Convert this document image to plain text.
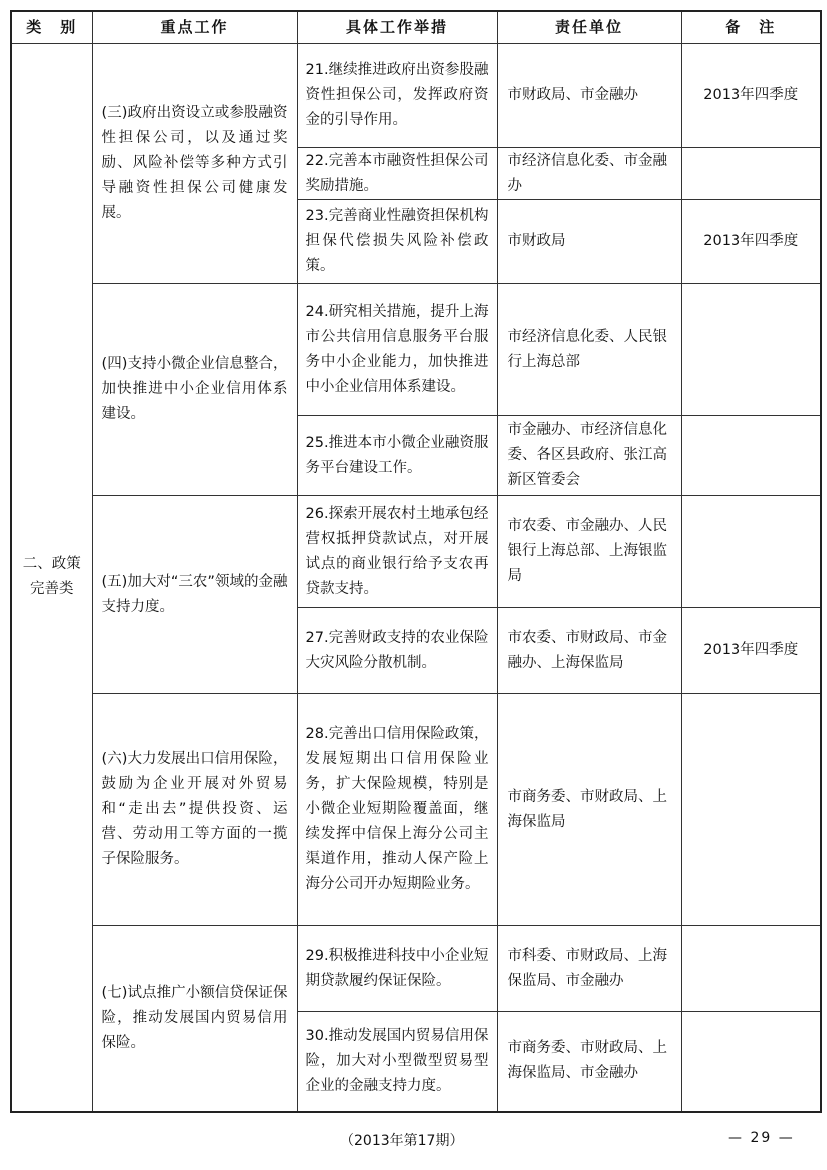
类　别	重点工作	具体工作举措	责任单位	备　注
二、政策完善类	(三)政府出资设立或参股融资性担保公司，以及通过奖励、风险补偿等多种方式引导融资性担保公司健康发展。	21.继续推进政府出资参股融资性担保公司，发挥政府资金的引导作用。	市财政局、市金融办	2013年四季度
		22.完善本市融资性担保公司奖励措施。	市经济信息化委、市金融办	
		23.完善商业性融资担保机构担保代偿损失风险补偿政策。	市财政局	2013年四季度
	(四)支持小微企业信息整合，加快推进中小企业信用体系建设。	24.研究相关措施，提升上海市公共信用信息服务平台服务中小企业能力，加快推进中小企业信用体系建设。	市经济信息化委、人民银行上海总部	
		25.推进本市小微企业融资服务平台建设工作。	市金融办、市经济信息化委、各区县政府、张江高新区管委会	
	(五)加大对“三农”领域的金融支持力度。	26.探索开展农村土地承包经营权抵押贷款试点，对开展试点的商业银行给予支农再贷款支持。	市农委、市金融办、人民银行上海总部、上海银监局	
		27.完善财政支持的农业保险大灾风险分散机制。	市农委、市财政局、市金融办、上海保监局	2013年四季度
	(六)大力发展出口信用保险，鼓励为企业开展对外贸易和“走出去”提供投资、运营、劳动用工等方面的一揽子保险服务。	28.完善出口信用保险政策，发展短期出口信用保险业务，扩大保险规模，特别是小微企业短期险覆盖面，继续发挥中信保上海分公司主渠道作用，推动人保产险上海分公司开办短期险业务。	市商务委、市财政局、上海保监局	
	(七)试点推广小额信贷保证保险，推动发展国内贸易信用保险。	29.积极推进科技中小企业短期贷款履约保证保险。	市科委、市财政局、上海保监局、市金融办	
		30.推动发展国内贸易信用保险，加大对小型微型贸易型企业的金融支持力度。	市商务委、市财政局、上海保监局、市金融办	
（2013年第17期）	— 29 —
